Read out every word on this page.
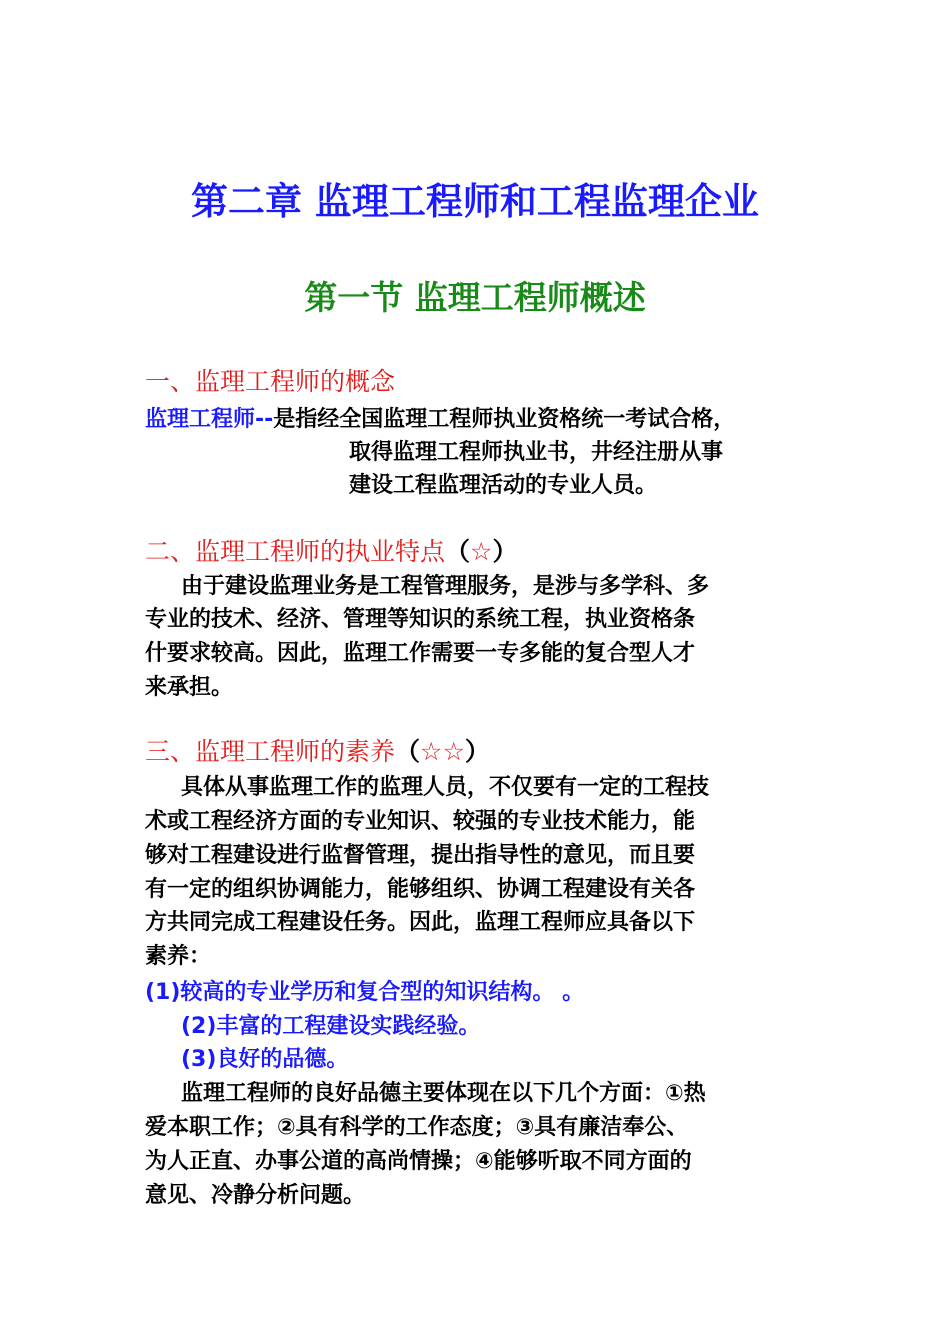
第二章 监理工程师和工程监理企业
第一节 监理工程师概述
一、监理工程师的概念
监理工程师--是指经全国监理工程师执业资格统一考试合格，
取得监理工程师执业书，井经注册从事
建设工程监理活动的专业人员。
二、监理工程师的执业特点（☆）
由于建设监理业务是工程管理服务，是涉与多学科、多
专业的技术、经济、管理等知识的系统工程，执业资格条
什要求较高。因此，监理工作需要一专多能的复合型人才
来承担。
三、监理工程师的素养（☆☆）
具体从事监理工作的监理人员，不仅要有一定的工程技
术或工程经济方面的专业知识、较强的专业技术能力，能
够对工程建设进行监督管理，提出指导性的意见，而且要
有一定的组织协调能力，能够组织、协调工程建设有关各
方共同完成工程建设任务。因此，监理工程师应具备以下
素养：
(1)较高的专业学历和复合型的知识结构。 。
(2)丰富的工程建设实践经验。
(3)良好的品德。
监理工程师的良好品德主要体现在以下几个方面：①热
爱本职工作；②具有科学的工作态度；③具有廉洁奉公、
为人正直、办事公道的高尚情操；④能够听取不同方面的
意见、冷静分析问题。
